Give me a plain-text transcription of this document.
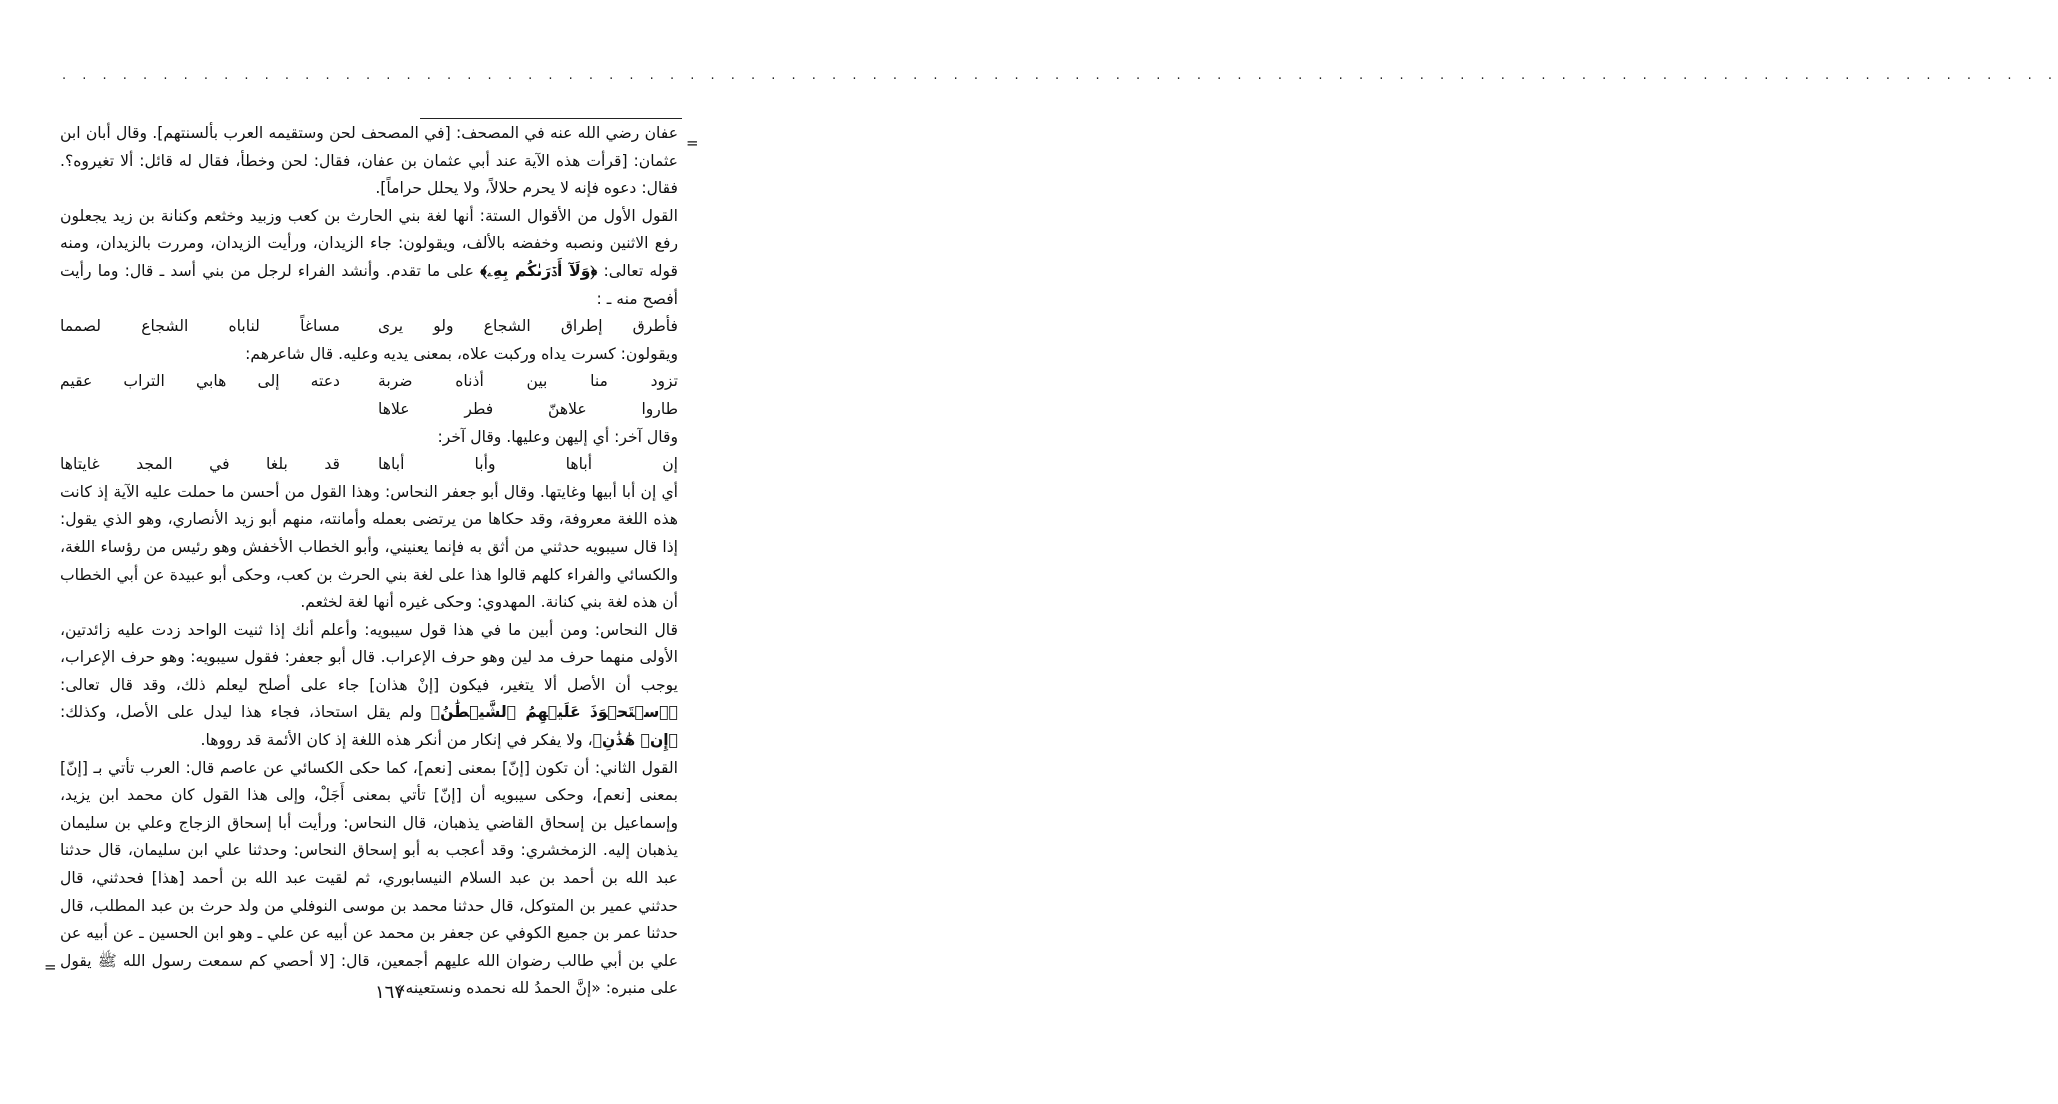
. . . . . . . . . . . . . . . . . . . . . . . . . . . . . . . . . . . . . . . . . . . . . . . . . . . . . . . . . . . . . . . . . . . . . . . . . . . . . . . . . . . . . . . . . . . . . . . . . . .
=

عفان رضي الله عنه في المصحف: [في المصحف لحن وستقيمه العرب بألسنتهم]. وقال أبان ابن عثمان: [قرأت هذه الآية عند أبي عثمان بن عفان، فقال: لحن وخطأ، فقال له قائل: ألا تغيروه؟. فقال: دعوه فإنه لا يحرم حلالاً، ولا يحلل حراماً].

القول الأول من الأقوال الستة: أنها لغة بني الحارث بن كعب وزبيد وخثعم وكنانة بن زيد يجعلون رفع الاثنين ونصبه وخفضه بالألف، ويقولون: جاء الزيدان، ورأيت الزيدان، ومررت بالزيدان، ومنه قوله تعالى: ﴿وَلَآ أَدۡرَىٰكُم بِهِۦ﴾ على ما تقدم. وأنشد الفراء لرجل من بني أسد ـ قال: وما رأيت أفصح منه ـ :

فأطرق إطراق الشجاع ولو يرى
مساغاً لناباه الشجاع لصمما

ويقولون: كسرت يداه وركبت علاه، بمعنى يديه وعليه. قال شاعرهم:

تزود منا بين أذناه ضربة
دعته إلى هابي التراب عقيم
طاروا علاهنّ فطر علاها

وقال آخر: أي إليهن وعليها. وقال آخر:

إن أباها وأبا أباها
قد بلغا في المجد غايتاها

أي إن أبا أبيها وغايتها. وقال أبو جعفر النحاس: وهذا القول من أحسن ما حملت عليه الآية إذ كانت هذه اللغة معروفة، وقد حكاها من يرتضى بعمله وأمانته، منهم أبو زيد الأنصاري، وهو الذي يقول: إذا قال سيبويه حدثني من أثق به فإنما يعنيني، وأبو الخطاب الأخفش وهو رئيس من رؤساء اللغة، والكسائي والفراء كلهم قالوا هذا على لغة بني الحرث بن كعب، وحكى أبو عبيدة عن أبي الخطاب أن هذه لغة بني كنانة. المهدوي: وحكى غيره أنها لغة لخثعم.

قال النحاس: ومن أبين ما في هذا قول سيبويه: وأعلم أنك إذا ثنيت الواحد زدت عليه زائدتين، الأولى منهما حرف مد لين وهو حرف الإعراب. قال أبو جعفر: فقول سيبويه: وهو حرف الإعراب، يوجب أن الأصل ألا يتغير، فيكون [إنْ هذان] جاء على أصلح ليعلم ذلك، وقد قال تعالى: ﴿ٱسۡتَحۡوَذَ عَلَيۡهِمُ ٱلشَّيۡطَٰنُ﴾ ولم يقل استحاذ، فجاء هذا ليدل على الأصل، وكذلك: ﴿إِنۡ هَٰذَٰنِ﴾، ولا يفكر في إنكار من أنكر هذه اللغة إذ كان الأئمة قد رووها.

القول الثاني: أن تكون [إنّ] بمعنى [نعم]، كما حكى الكسائي عن عاصم قال: العرب تأتي بـ [إنّ] بمعنى [نعم]، وحكى سيبويه أن [إنّ] تأتي بمعنى أَجَلْ، وإلى هذا القول كان محمد ابن يزيد، وإسماعيل بن إسحاق القاضي يذهبان، قال النحاس: ورأيت أبا إسحاق الزجاج وعلي بن سليمان يذهبان إليه. الزمخشري: وقد أعجب به أبو إسحاق النحاس: وحدثنا علي ابن سليمان، قال حدثنا عبد الله بن أحمد بن عبد السلام النيسابوري، ثم لقيت عبد الله بن أحمد [هذا] فحدثني، قال حدثني عمير بن المتوكل، قال حدثنا محمد بن موسى النوفلي من ولد حرث بن عبد المطلب، قال حدثنا عمر بن جميع الكوفي عن جعفر بن محمد عن أبيه عن علي ـ وهو ابن الحسين ـ عن أبيه عن علي بن أبي طالب رضوان الله عليهم أجمعين، قال: [لا أحصي كم سمعت رسول الله ﷺ يقول على منبره: «إنَّ الحمدُ لله نحمده ونستعينه»

=
١٦٧
